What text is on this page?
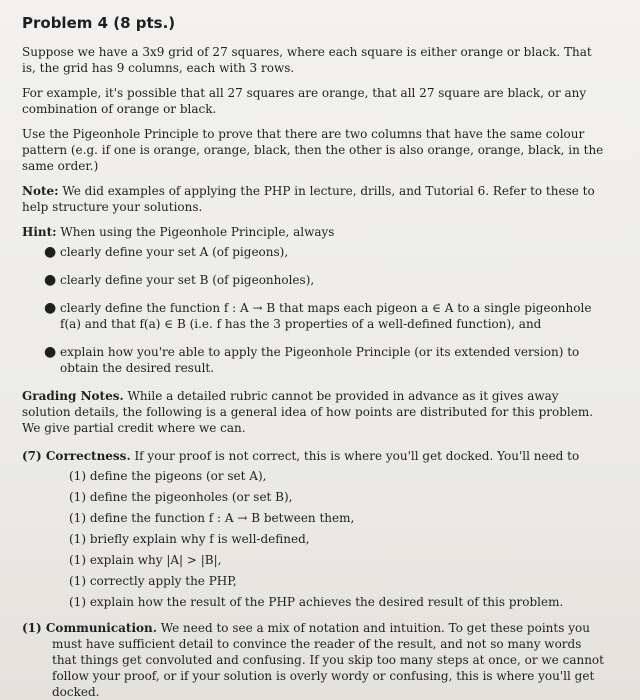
Problem 4 (8 pts.)

Suppose we have a 3x9 grid of 27 squares, where each square is either orange or black. That is, the grid has 9 columns, each with 3 rows.

For example, it's possible that all 27 squares are orange, that all 27 square are black, or any combination of orange or black.

Use the Pigeonhole Principle to prove that there are two columns that have the same colour pattern (e.g. if one is orange, orange, black, then the other is also orange, orange, black, in the same order.)

Note: We did examples of applying the PHP in lecture, drills, and Tutorial 6. Refer to these to help structure your solutions.

Hint: When using the Pigeonhole Principle, always

● clearly define your set A (of pigeons),
● clearly define your set B (of pigeonholes),
● clearly define the function f : A → B that maps each pigeon a ∈ A to a single pigeonhole f(a) and that f(a) ∈ B (i.e. f has the 3 properties of a well-defined function), and
● explain how you're able to apply the Pigeonhole Principle (or its extended version) to obtain the desired result.

Grading Notes. While a detailed rubric cannot be provided in advance as it gives away solution details, the following is a general idea of how points are distributed for this problem. We give partial credit where we can.

(7) Correctness. If your proof is not correct, this is where you'll get docked. You'll need to

(1) define the pigeons (or set A),
(1) define the pigeonholes (or set B),
(1) define the function f : A → B between them,
(1) briefly explain why f is well-defined,
(1) explain why |A| > |B|,
(1) correctly apply the PHP,
(1) explain how the result of the PHP achieves the desired result of this problem.

(1) Communication. We need to see a mix of notation and intuition. To get these points you must have sufficient detail to convince the reader of the result, and not so many words that things get convoluted and confusing. If you skip too many steps at once, or we cannot follow your proof, or if your solution is overly wordy or confusing, this is where you'll get docked.
